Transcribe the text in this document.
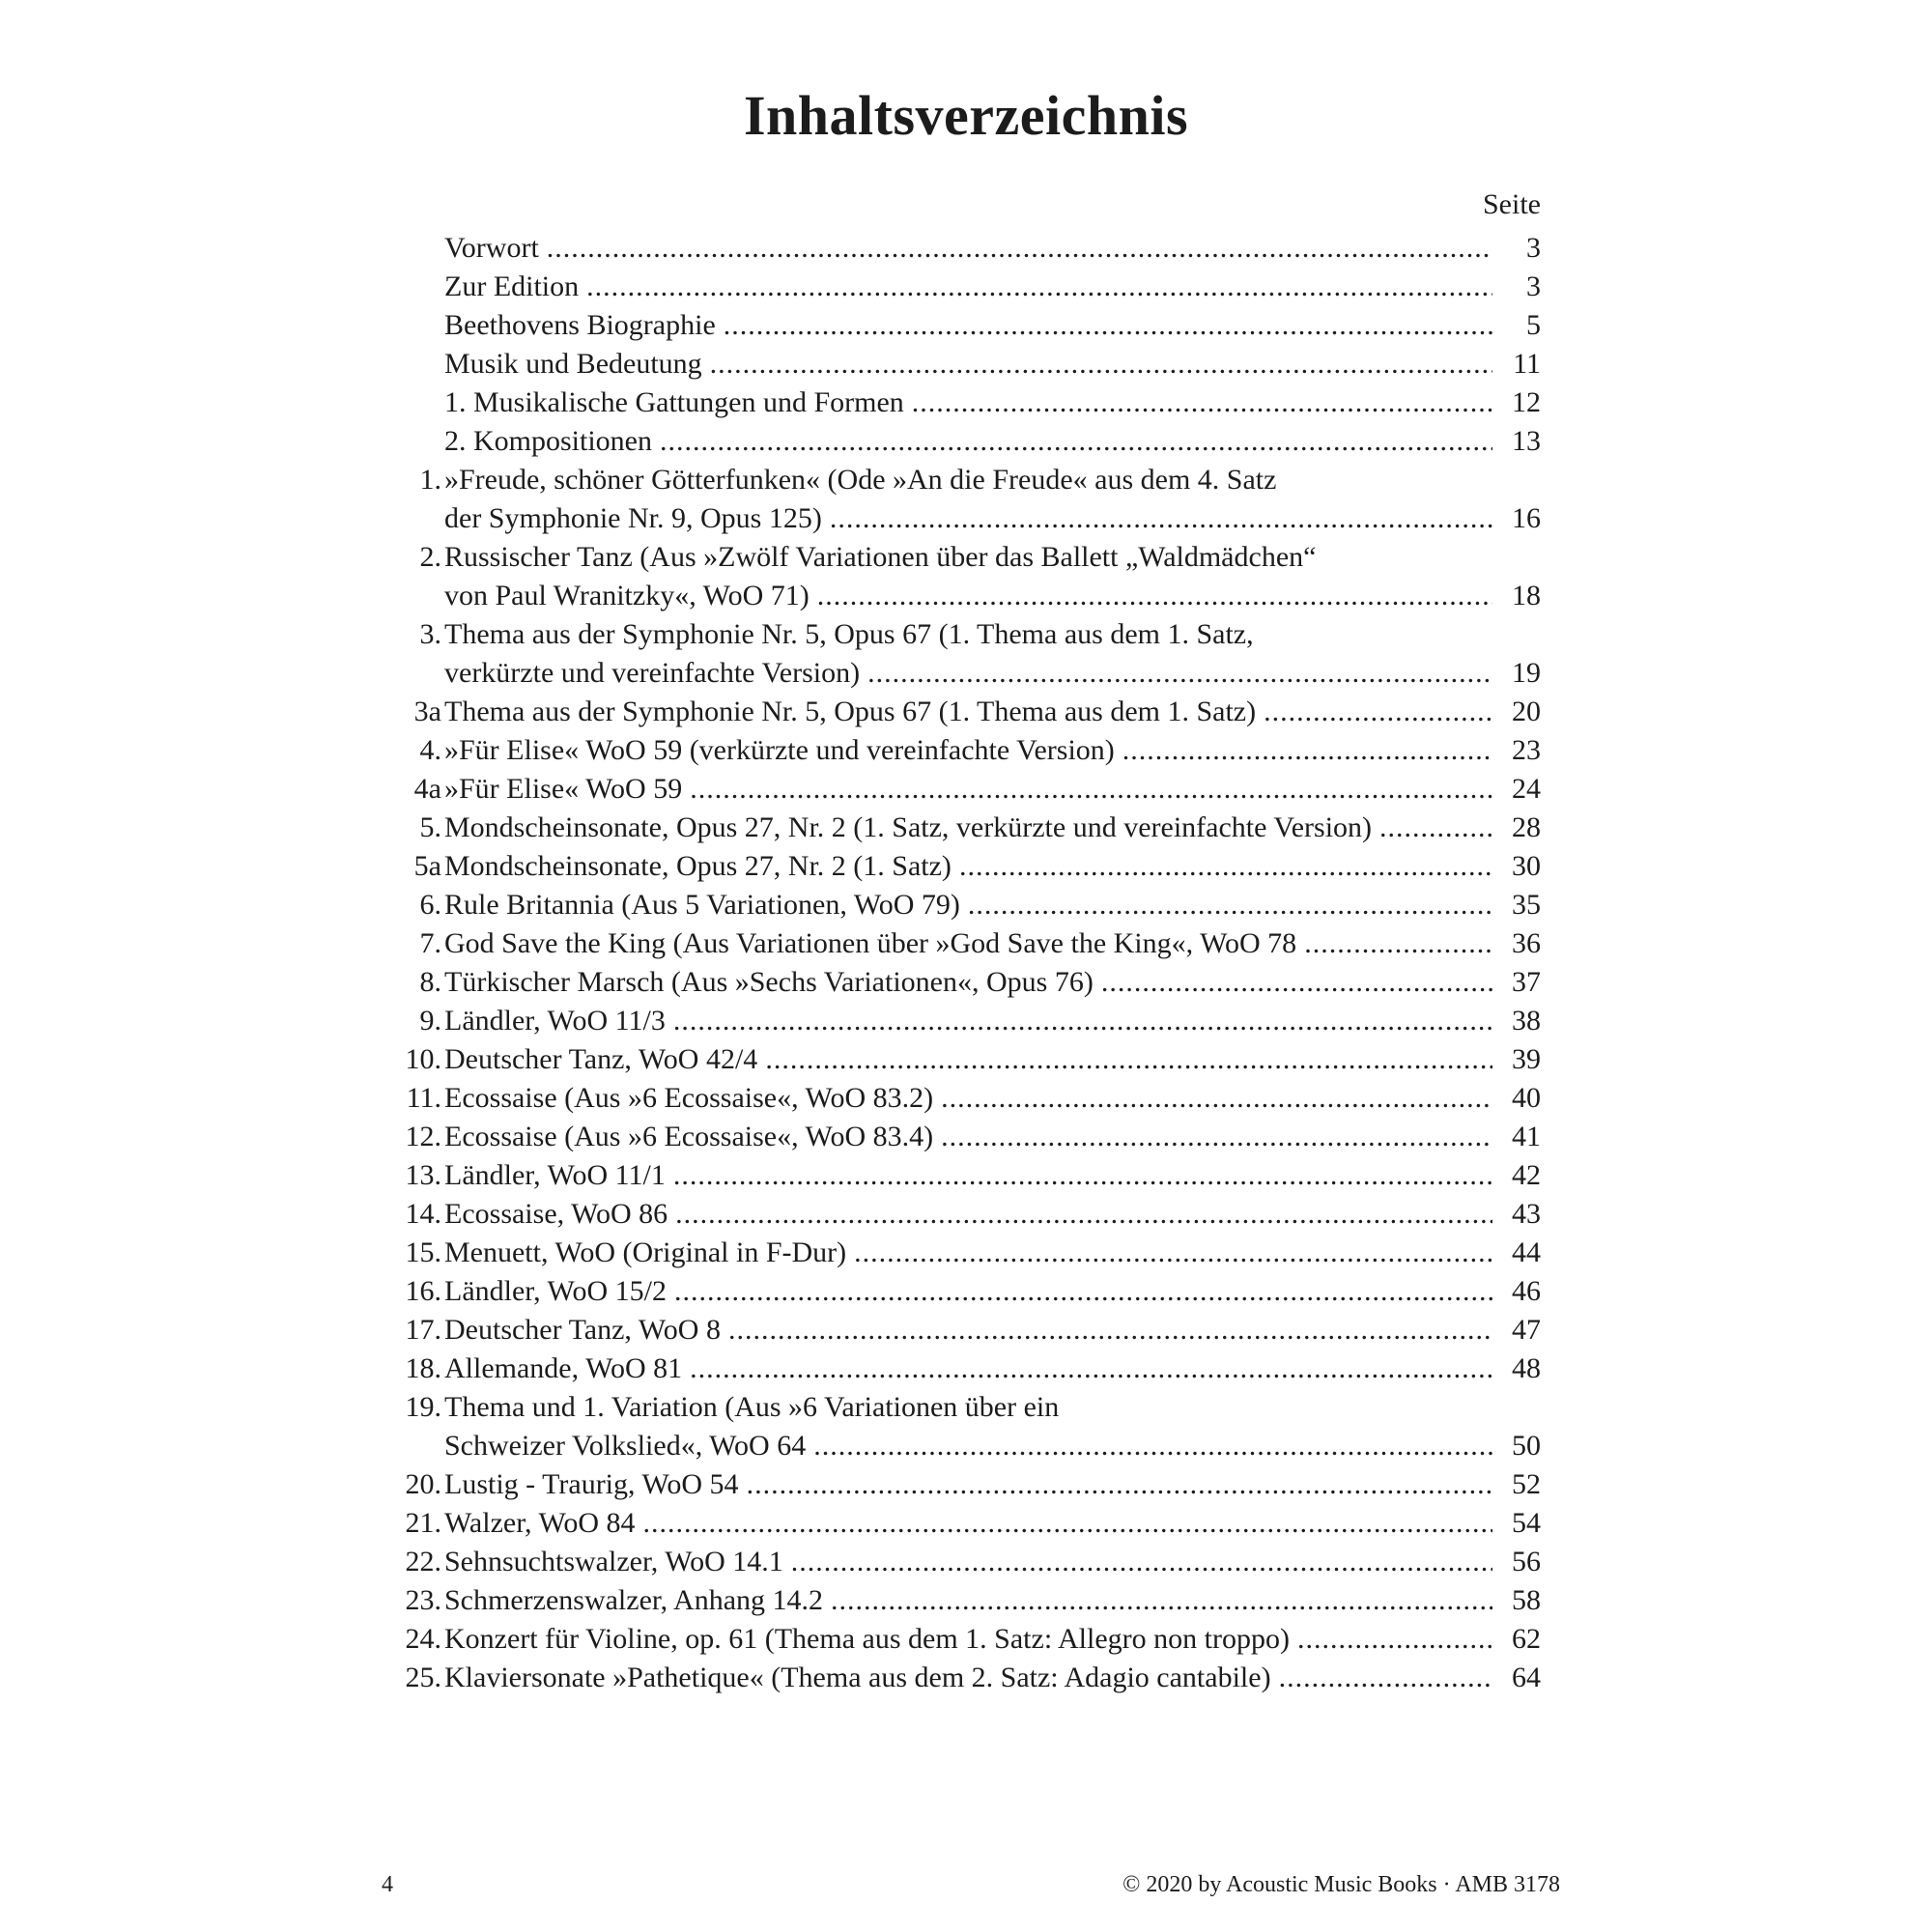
Inhaltsverzeichnis
Seite
Vorwort .....	3
Zur Edition .....	3
Beethovens Biographie .....	5
Musik und Bedeutung .....	11
1. Musikalische Gattungen und Formen .....	12
2. Kompositionen .....	13
1. »Freude, schöner Götterfunken« (Ode »An die Freude« aus dem 4. Satz
der Symphonie Nr. 9, Opus 125) .....	16
2. Russischer Tanz (Aus »Zwölf Variationen über das Ballett „Waldmädchen“
von Paul Wranitzky«, WoO 71) .....	18
3. Thema aus der Symphonie Nr. 5, Opus 67 (1. Thema aus dem 1. Satz,
verkürzte und vereinfachte Version) .....	19
3a Thema aus der Symphonie Nr. 5, Opus 67 (1. Thema aus dem 1. Satz) .....	20
4. »Für Elise« WoO 59 (verkürzte und vereinfachte Version) .....	23
4a »Für Elise« WoO 59 .....	24
5. Mondscheinsonate, Opus 27, Nr. 2 (1. Satz, verkürzte und vereinfachte Version) .....	28
5a Mondscheinsonate, Opus 27, Nr. 2 (1. Satz) .....	30
6. Rule Britannia (Aus 5 Variationen, WoO 79) .....	35
7. God Save the King (Aus Variationen über »God Save the King«, WoO 78 .....	36
8. Türkischer Marsch (Aus »Sechs Variationen«, Opus 76) .....	37
9. Ländler, WoO 11/3 .....	38
10. Deutscher Tanz, WoO 42/4 .....	39
11. Ecossaise (Aus »6 Ecossaise«, WoO 83.2) .....	40
12. Ecossaise (Aus »6 Ecossaise«, WoO 83.4) .....	41
13. Ländler, WoO 11/1 .....	42
14. Ecossaise, WoO 86 .....	43
15. Menuett, WoO (Original in F-Dur) .....	44
16. Ländler, WoO 15/2 .....	46
17. Deutscher Tanz, WoO 8 .....	47
18. Allemande, WoO 81 .....	48
19. Thema und 1. Variation (Aus »6 Variationen über ein
Schweizer Volkslied«, WoO 64 .....	50
20. Lustig - Traurig, WoO 54 .....	52
21. Walzer, WoO 84 .....	54
22. Sehnsuchtswalzer, WoO 14.1 .....	56
23. Schmerzenswalzer, Anhang 14.2 .....	58
24. Konzert für Violine, op. 61 (Thema aus dem 1. Satz: Allegro non troppo) .....	62
25. Klaviersonate »Pathetique« (Thema aus dem 2. Satz: Adagio cantabile) .....	64
4	© 2020 by Acoustic Music Books · AMB 3178
